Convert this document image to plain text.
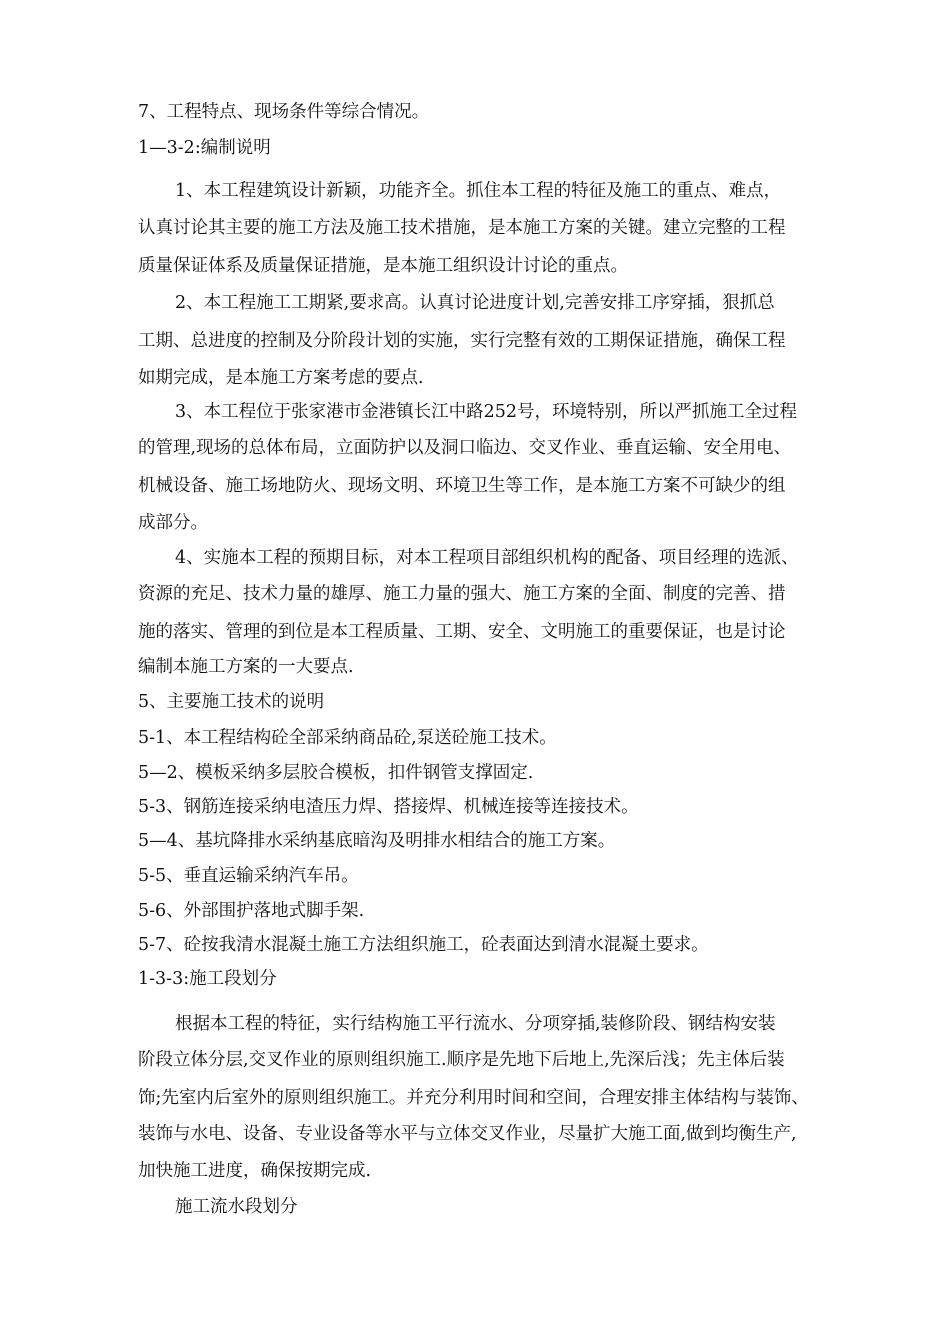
7、工程特点、现场条件等综合情况。

1—3-2:编制说明

1、本工程建筑设计新颖，功能齐全。抓住本工程的特征及施工的重点、难点，

认真讨论其主要的施工方法及施工技术措施，是本施工方案的关键。建立完整的工程

质量保证体系及质量保证措施，是本施工组织设计讨论的重点。

2、本工程施工工期紧,要求高。认真讨论进度计划,完善安排工序穿插，狠抓总

工期、总进度的控制及分阶段计划的实施，实行完整有效的工期保证措施，确保工程

如期完成，是本施工方案考虑的要点.

3、本工程位于张家港市金港镇长江中路252号，环境特别，所以严抓施工全过程

的管理,现场的总体布局，立面防护以及洞口临边、交叉作业、垂直运输、安全用电、

机械设备、施工场地防火、现场文明、环境卫生等工作，是本施工方案不可缺少的组

成部分。

4、实施本工程的预期目标，对本工程项目部组织机构的配备、项目经理的选派、

资源的充足、技术力量的雄厚、施工力量的强大、施工方案的全面、制度的完善、措

施的落实、管理的到位是本工程质量、工期、安全、文明施工的重要保证，也是讨论

编制本施工方案的一大要点.

5、主要施工技术的说明

5-1、本工程结构砼全部采纳商品砼,泵送砼施工技术。

5—2、模板采纳多层胶合模板，扣件钢管支撑固定.

5-3、钢筋连接采纳电渣压力焊、搭接焊、机械连接等连接技术。

5—4、基坑降排水采纳基底暗沟及明排水相结合的施工方案。

5-5、垂直运输采纳汽车吊。

5-6、外部围护落地式脚手架.

5-7、砼按我清水混凝土施工方法组织施工，砼表面达到清水混凝土要求。

1-3-3:施工段划分

根据本工程的特征，实行结构施工平行流水、分项穿插,装修阶段、钢结构安装

阶段立体分层,交叉作业的原则组织施工.顺序是先地下后地上,先深后浅；先主体后装

饰;先室内后室外的原则组织施工。并充分利用时间和空间，合理安排主体结构与装饰、

装饰与水电、设备、专业设备等水平与立体交叉作业，尽量扩大施工面,做到均衡生产,

加快施工进度，确保按期完成.

施工流水段划分
